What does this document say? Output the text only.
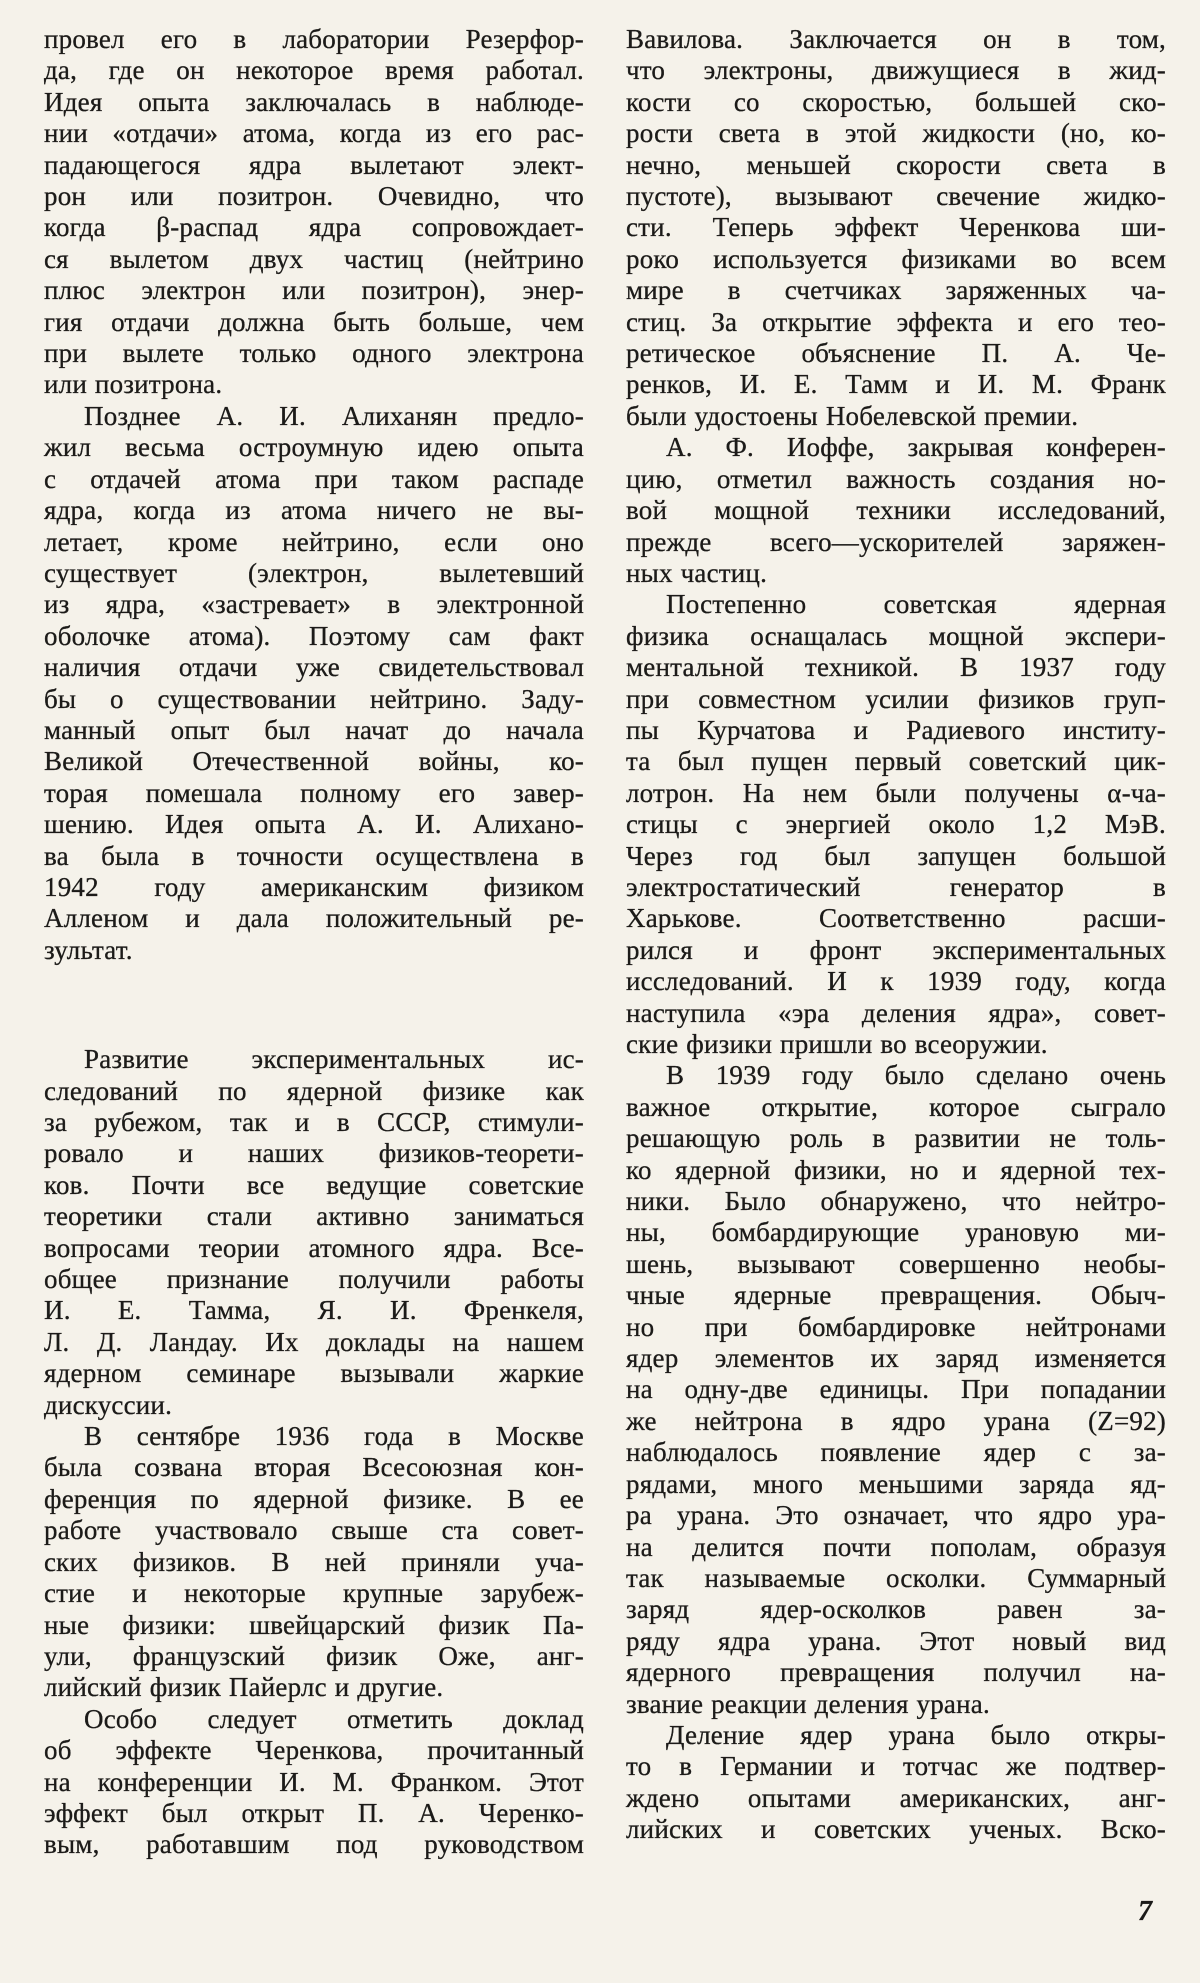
провел его в лаборатории Резерфор-
да, где он некоторое время работал.
Идея опыта заключалась в наблюде-
нии «отдачи» атома, когда из его рас-
падающегося ядра вылетают элект-
рон или позитрон. Очевидно, что
когда β-распад ядра сопровождает-
ся вылетом двух частиц (нейтрино
плюс электрон или позитрон), энер-
гия отдачи должна быть больше, чем
при вылете только одного электрона
или позитрона.
Позднее А. И. Алиханян предло-
жил весьма остроумную идею опыта
с отдачей атома при таком распаде
ядра, когда из атома ничего не вы-
летает, кроме нейтрино, если оно
существует (электрон, вылетевший
из ядра, «застревает» в электронной
оболочке атома). Поэтому сам факт
наличия отдачи уже свидетельствовал
бы о существовании нейтрино. Заду-
манный опыт был начат до начала
Великой Отечественной войны, ко-
торая помешала полному его завер-
шению. Идея опыта А. И. Алихано-
ва была в точности осуществлена в
1942 году американским физиком
Алленом и дала положительный ре-
зультат.
Развитие экспериментальных ис-
следований по ядерной физике как
за рубежом, так и в СССР, стимули-
ровало и наших физиков-теорети-
ков. Почти все ведущие советские
теоретики стали активно заниматься
вопросами теории атомного ядра. Все-
общее признание получили работы
И. Е. Тамма, Я. И. Френкеля,
Л. Д. Ландау. Их доклады на нашем
ядерном семинаре вызывали жаркие
дискуссии.
В сентябре 1936 года в Москве
была созвана вторая Всесоюзная кон-
ференция по ядерной физике. В ее
работе участвовало свыше ста совет-
ских физиков. В ней приняли уча-
стие и некоторые крупные зарубеж-
ные физики: швейцарский физик Па-
ули, французский физик Оже, анг-
лийский физик Пайерлс и другие.
Особо следует отметить доклад
об эффекте Черенкова, прочитанный
на конференции И. М. Франком. Этот
эффект был открыт П. А. Черенко-
вым, работавшим под руководством
Вавилова. Заключается он в том,
что электроны, движущиеся в жид-
кости со скоростью, большей ско-
рости света в этой жидкости (но, ко-
нечно, меньшей скорости света в
пустоте), вызывают свечение жидко-
сти. Теперь эффект Черенкова ши-
роко используется физиками во всем
мире в счетчиках заряженных ча-
стиц. За открытие эффекта и его тео-
ретическое объяснение П. А. Че-
ренков, И. Е. Тамм и И. М. Франк
были удостоены Нобелевской премии.
А. Ф. Иоффе, закрывая конферен-
цию, отметил важность создания но-
вой мощной техники исследований,
прежде всего—ускорителей заряжен-
ных частиц.
Постепенно советская ядерная
физика оснащалась мощной экспери-
ментальной техникой. В 1937 году
при совместном усилии физиков груп-
пы Курчатова и Радиевого институ-
та был пущен первый советский цик-
лотрон. На нем были получены α-ча-
стицы с энергией около 1,2 МэВ.
Через год был запущен большой
электростатический генератор в
Харькове. Соответственно расши-
рился и фронт экспериментальных
исследований. И к 1939 году, когда
наступила «эра деления ядра», совет-
ские физики пришли во всеоружии.
В 1939 году было сделано очень
важное открытие, которое сыграло
решающую роль в развитии не толь-
ко ядерной физики, но и ядерной тех-
ники. Было обнаружено, что нейтро-
ны, бомбардирующие урановую ми-
шень, вызывают совершенно необы-
чные ядерные превращения. Обыч-
но при бомбардировке нейтронами
ядер элементов их заряд изменяется
на одну-две единицы. При попадании
же нейтрона в ядро урана (Z=92)
наблюдалось появление ядер с за-
рядами, много меньшими заряда яд-
ра урана. Это означает, что ядро ура-
на делится почти пополам, образуя
так называемые осколки. Суммарный
заряд ядер-осколков равен за-
ряду ядра урана. Этот новый вид
ядерного превращения получил на-
звание реакции деления урана.
Деление ядер урана было откры-
то в Германии и тотчас же подтвер-
ждено опытами американских, анг-
лийских и советских ученых. Вско-
7
